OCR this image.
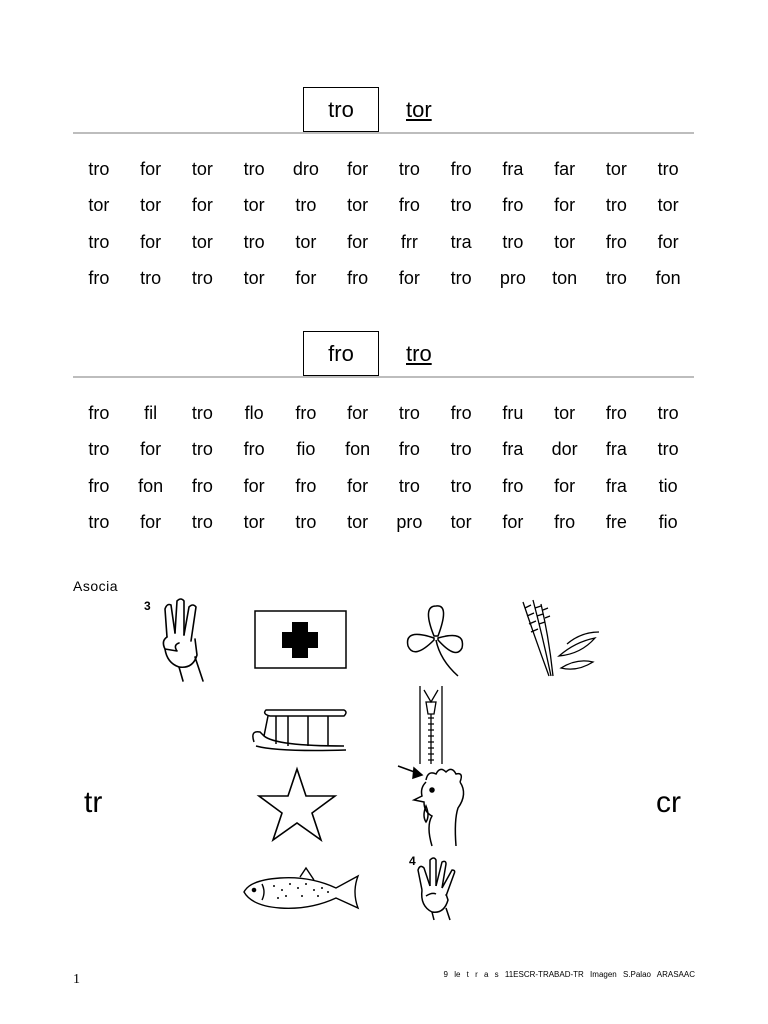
tro	tor
tro	for	tor	tro	dro	for	tro	fro	fra	far	tor	tro
tor	tor	for	tor	tro	tor	fro	tro	fro	for	tro	tor
tro	for	tor	tro	tor	for	frr	tra	tro	tor	fro	for
fro	tro	tro	tor	for	fro	for	tro	pro	ton	tro	fon
fro	tro
fro	fil	tro	flo	fro	for	tro	fro	fru	tor	fro	tro
tro	for	tro	fro	fio	fon	fro	tro	fra	dor	fra	tro
fro	fon	fro	for	fro	for	tro	tro	fro	for	fra	tio
tro	for	tro	tor	tro	tor	pro	tor	for	fro	fre	fio
Asocia
tr	cr
3
4
1	9 le t r a s 11ESCR-TRABAD-TR Imagen S.Palao ARASAAC
